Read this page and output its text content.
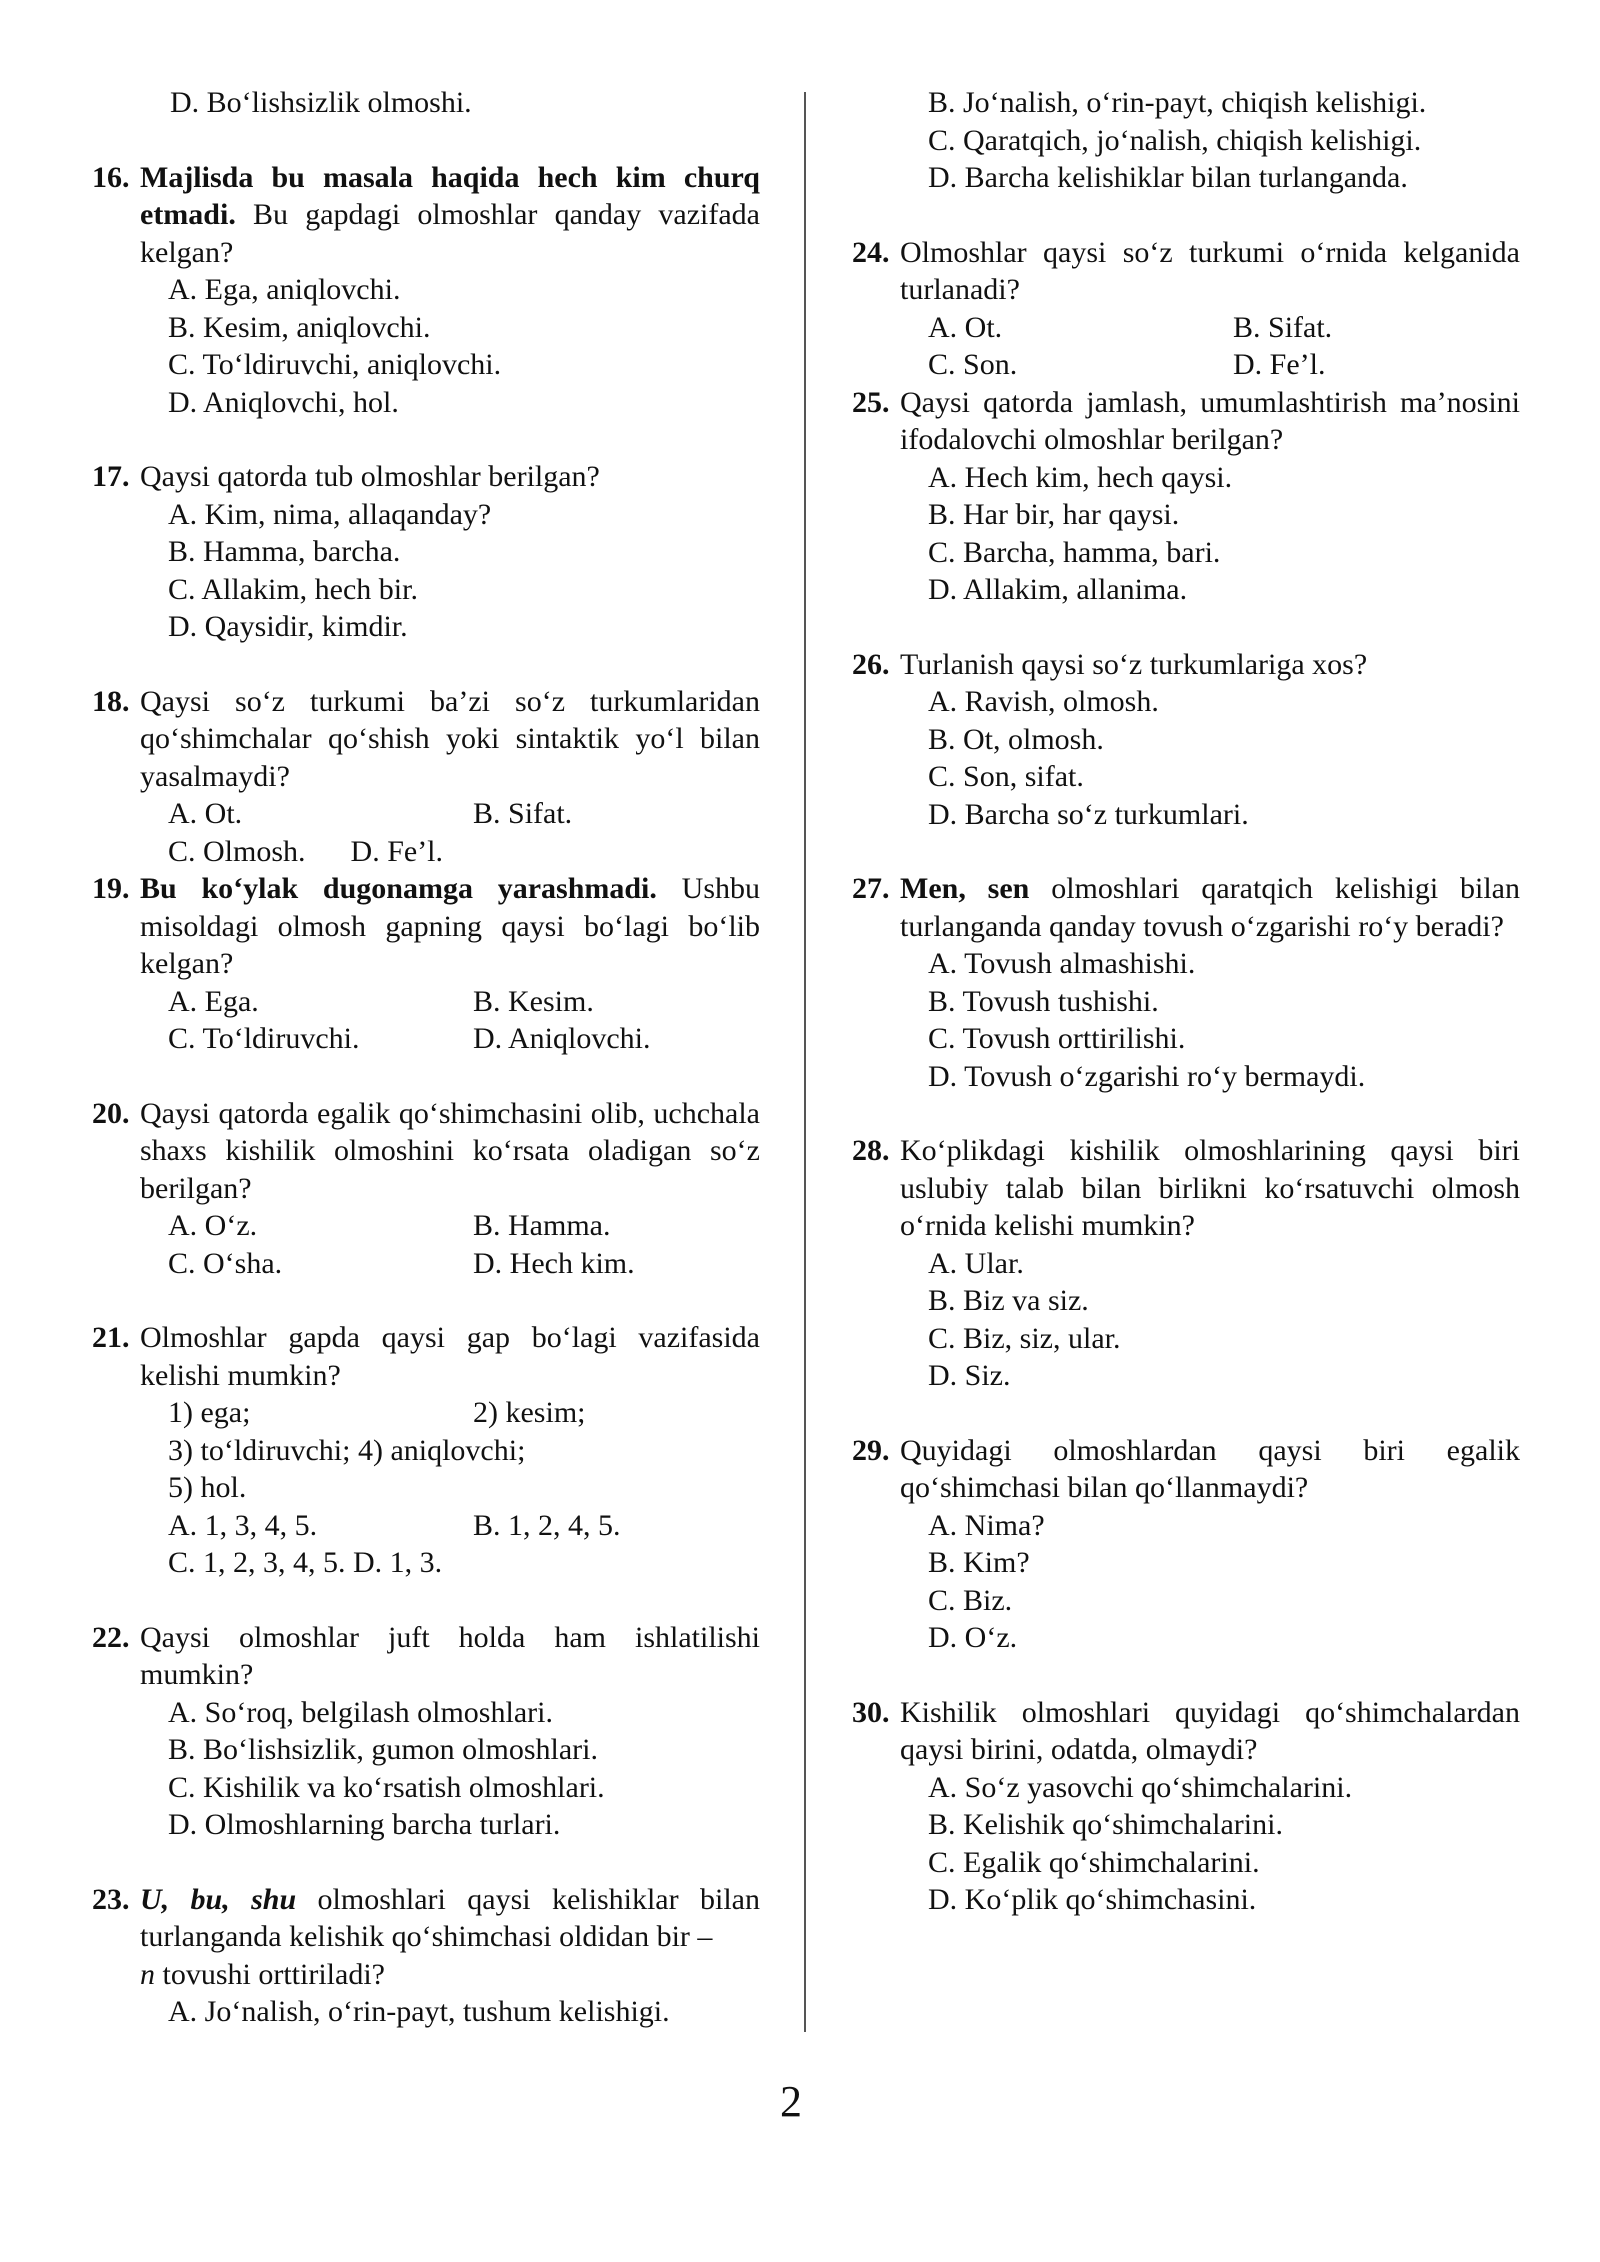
D. Bo‘lishsizlik olmoshi.
16. Majlisda bu masala haqida hech kim churq etmadi. Bu gapdagi olmoshlar qanday vazifada kelgan?
A. Ega, aniqlovchi.
B. Kesim, aniqlovchi.
C. To‘ldiruvchi, aniqlovchi.
D. Aniqlovchi, hol.
17. Qaysi qatorda tub olmoshlar berilgan?
A. Kim, nima, allaqanday?
B. Hamma, barcha.
C. Allakim, hech bir.
D. Qaysidir, kimdir.
18. Qaysi so‘z turkumi ba’zi so‘z turkumlaridan qo‘shimchalar qo‘shish yoki sintaktik yo‘l bilan yasalmaydi?
A. Ot.	B. Sifat.
C. Olmosh. D. Fe’l.
19. Bu ko‘ylak dugonamga yarashmadi. Ushbu misoldagi olmosh gapning qaysi bo‘lagi bo‘lib kelgan?
A. Ega.	B. Kesim.
C. To‘ldiruvchi.	D. Aniqlovchi.
20. Qaysi qatorda egalik qo‘shimchasini olib, uchchala shaxs kishilik olmoshini ko‘rsata oladigan so‘z berilgan?
A. O‘z.	B. Hamma.
C. O‘sha.	D. Hech kim.
21. Olmoshlar gapda qaysi gap bo‘lagi vazifasida kelishi mumkin?
1) ega;	2) kesim;
3) to‘ldiruvchi; 4) aniqlovchi;
5) hol.
A. 1, 3, 4, 5.	B. 1, 2, 4, 5.
C. 1, 2, 3, 4, 5. D. 1, 3.
22. Qaysi olmoshlar juft holda ham ishlatilishi mumkin?
A. So‘roq, belgilash olmoshlari.
B. Bo‘lishsizlik, gumon olmoshlari.
C. Kishilik va ko‘rsatish olmoshlari.
D. Olmoshlarning barcha turlari.
23. U, bu, shu olmoshlari qaysi kelishiklar bilan turlanganda kelishik qo‘shimchasi oldidan bir –
n tovushi orttiriladi?
A. Jo‘nalish, o‘rin-payt, tushum kelishigi.
B. Jo‘nalish, o‘rin-payt, chiqish kelishigi.
C. Qaratqich, jo‘nalish, chiqish kelishigi.
D. Barcha kelishiklar bilan turlanganda.
24. Olmoshlar qaysi so‘z turkumi o‘rnida kelganida turlanadi?
A. Ot.	B. Sifat.
C. Son.	D. Fe’l.
25. Qaysi qatorda jamlash, umumlashtirish ma’nosini ifodalovchi olmoshlar berilgan?
A. Hech kim, hech qaysi.
B. Har bir, har qaysi.
C. Barcha, hamma, bari.
D. Allakim, allanima.
26. Turlanish qaysi so‘z turkumlariga xos?
A. Ravish, olmosh.
B. Ot, olmosh.
C. Son, sifat.
D. Barcha so‘z turkumlari.
27. Men, sen olmoshlari qaratqich kelishigi bilan turlanganda qanday tovush o‘zgarishi ro‘y beradi?
A. Tovush almashishi.
B. Tovush tushishi.
C. Tovush orttirilishi.
D. Tovush o‘zgarishi ro‘y bermaydi.
28. Ko‘plikdagi kishilik olmoshlarining qaysi biri uslubiy talab bilan birlikni ko‘rsatuvchi olmosh o‘rnida kelishi mumkin?
A. Ular.
B. Biz va siz.
C. Biz, siz, ular.
D. Siz.
29. Quyidagi olmoshlardan qaysi biri egalik qo‘shimchasi bilan qo‘llanmaydi?
A. Nima?
B. Kim?
C. Biz.
D. O‘z.
30. Kishilik olmoshlari quyidagi qo‘shimchalardan qaysi birini, odatda, olmaydi?
A. So‘z yasovchi qo‘shimchalarini.
B. Kelishik qo‘shimchalarini.
C. Egalik qo‘shimchalarini.
D. Ko‘plik qo‘shimchasini.
2
